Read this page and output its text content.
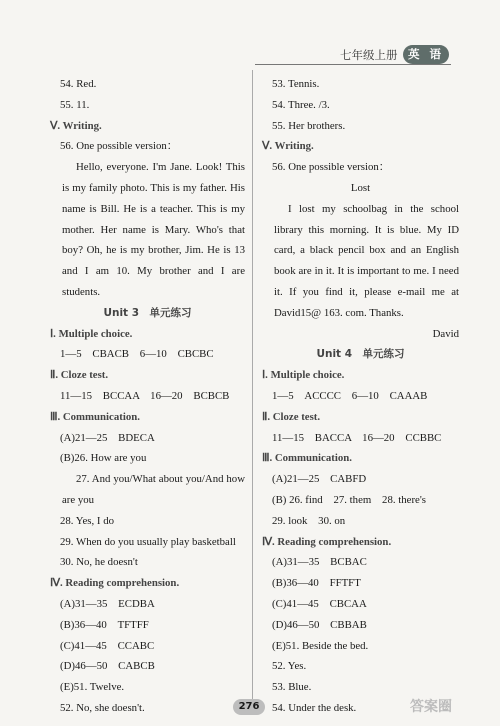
七年级上册 英 语
54. Red.
55. 11.
Ⅴ. Writing.
56. One possible version：
Hello, everyone. I'm Jane. Look! This is my family photo. This is my father. His name is Bill. He is a teacher. This is my mother. Her name is Mary. Who's that boy? Oh, he is my brother, Jim. He is 13 and I am 10. My brother and I are students.
Unit 3　单元练习
Ⅰ. Multiple choice.
1—5　CBACB　6—10　CBCBC
Ⅱ. Cloze test.
11—15　BCCAA　16—20　BCBCB
Ⅲ. Communication.
(A)21—25　BDECA
(B)26. How are you
27. And you/What about you/And how are you
28. Yes, I do
29. When do you usually play basketball
30. No, he doesn't
Ⅳ. Reading comprehension.
(A)31—35　ECDBA
(B)36—40　TFTFF
(C)41—45　CCABC
(D)46—50　CABCB
(E)51. Twelve.
52. No, she doesn't.
53. Tennis.
54. Three. /3.
55. Her brothers.
Ⅴ. Writing.
56. One possible version：
Lost
I lost my schoolbag in the school library this morning. It is blue. My ID card, a black pencil box and an English book are in it. It is important to me. I need it. If you find it, please e-mail me at David15@ 163. com. Thanks.
David
Unit 4　单元练习
Ⅰ. Multiple choice.
1—5　ACCCC　6—10　CAAAB
Ⅱ. Cloze test.
11—15　BACCA　16—20　CCBBC
Ⅲ. Communication.
(A)21—25　CABFD
(B) 26. find　27. them　28. there's
29. look　30. on
Ⅳ. Reading comprehension.
(A)31—35　BCBAC
(B)36—40　FFTFT
(C)41—45　CBCAA
(D)46—50　CBBAB
(E)51. Beside the bed.
52. Yes.
53. Blue.
54. Under the desk.
276	答案圈
